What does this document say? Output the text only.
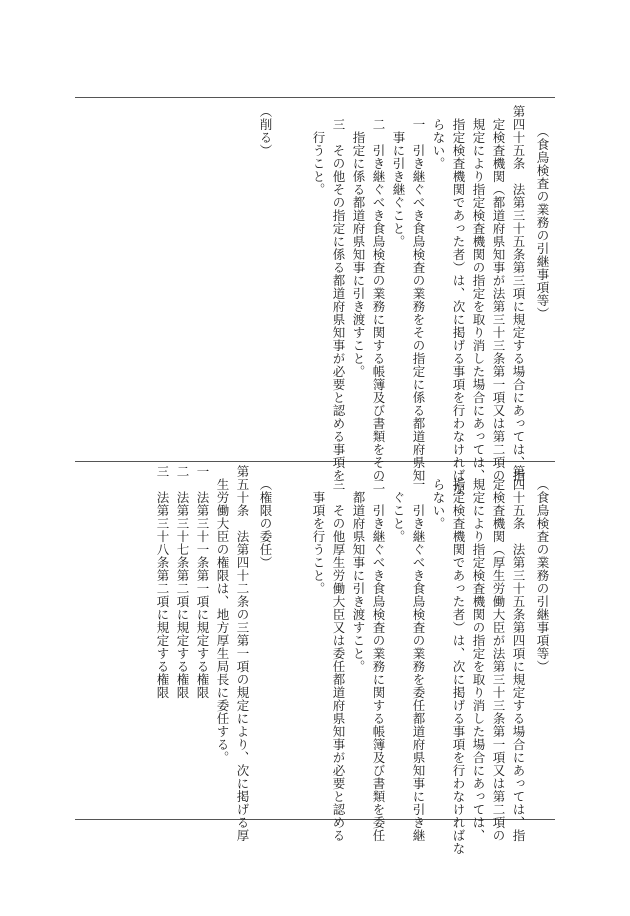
（食鳥検査の業務の引継事項等）
第四十五条　法第三十五条第三項に規定する場合にあっては、指
定検査機関（都道府県知事が法第三十三条第一項又は第二項の
規定により指定検査機関の指定を取り消した場合にあっては、
指定検査機関であった者）は、次に掲げる事項を行わなければな
らない。
一　引き継ぐべき食鳥検査の業務をその指定に係る都道府県知
事に引き継ぐこと。
二　引き継ぐべき食鳥検査の業務に関する帳簿及び書類をその
指定に係る都道府県知事に引き渡すこと。
三　その他その指定に係る都道府県知事が必要と認める事項を
行うこと。
（削る）
（食鳥検査の業務の引継事項等）
第四十五条　法第三十五条第四項に規定する場合にあっては、指
定検査機関（厚生労働大臣が法第三十三条第一項又は第二項の
規定により指定検査機関の指定を取り消した場合にあっては、
指定検査機関であった者）は、次に掲げる事項を行わなければな
らない。
一　引き継ぐべき食鳥検査の業務を委任都道府県知事に引き継
ぐこと。
二　引き継ぐべき食鳥検査の業務に関する帳簿及び書類を委任
都道府県知事に引き渡すこと。
三　その他厚生労働大臣又は委任都道府県知事が必要と認める
事項を行うこと。
（権限の委任）
第五十条　法第四十二条の三第一項の規定により、次に掲げる厚
生労働大臣の権限は、地方厚生局長に委任する。
一　法第三十一条第一項に規定する権限
二　法第三十七条第二項に規定する権限
三　法第三十八条第二項に規定する権限
